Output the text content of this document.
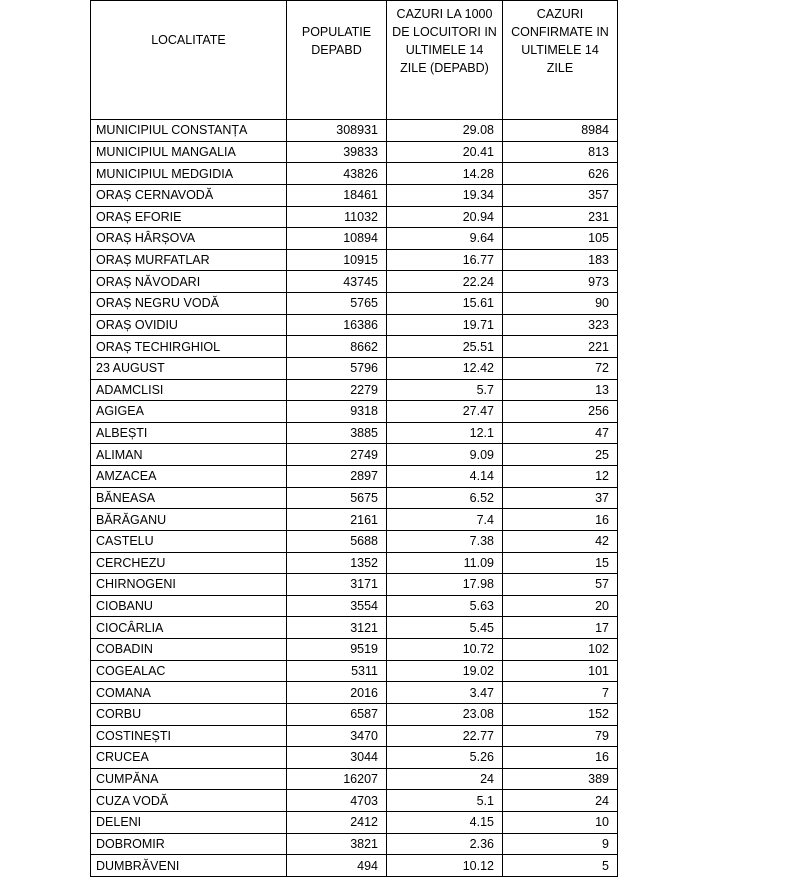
LOCALITATE	POPULATIE DEPABD	CAZURI LA 1000 DE LOCUITORI IN ULTIMELE 14 ZILE (DEPABD)	CAZURI CONFIRMATE IN ULTIMELE 14 ZILE
MUNICIPIUL CONSTANȚA	308931	29.08	8984
MUNICIPIUL MANGALIA	39833	20.41	813
MUNICIPIUL MEDGIDIA	43826	14.28	626
ORAȘ CERNAVODĂ	18461	19.34	357
ORAȘ EFORIE	11032	20.94	231
ORAȘ HÂRȘOVA	10894	9.64	105
ORAȘ MURFATLAR	10915	16.77	183
ORAȘ NĂVODARI	43745	22.24	973
ORAȘ NEGRU VODĂ	5765	15.61	90
ORAȘ OVIDIU	16386	19.71	323
ORAȘ TECHIRGHIOL	8662	25.51	221
23 AUGUST	5796	12.42	72
ADAMCLISI	2279	5.7	13
AGIGEA	9318	27.47	256
ALBEȘTI	3885	12.1	47
ALIMAN	2749	9.09	25
AMZACEA	2897	4.14	12
BĂNEASA	5675	6.52	37
BĂRĂGANU	2161	7.4	16
CASTELU	5688	7.38	42
CERCHEZU	1352	11.09	15
CHIRNOGENI	3171	17.98	57
CIOBANU	3554	5.63	20
CIOCÂRLIA	3121	5.45	17
COBADIN	9519	10.72	102
COGEALAC	5311	19.02	101
COMANA	2016	3.47	7
CORBU	6587	23.08	152
COSTINEȘTI	3470	22.77	79
CRUCEA	3044	5.26	16
CUMPĂNA	16207	24	389
CUZA VODĂ	4703	5.1	24
DELENI	2412	4.15	10
DOBROMIR	3821	2.36	9
DUMBRĂVENI	494	10.12	5
